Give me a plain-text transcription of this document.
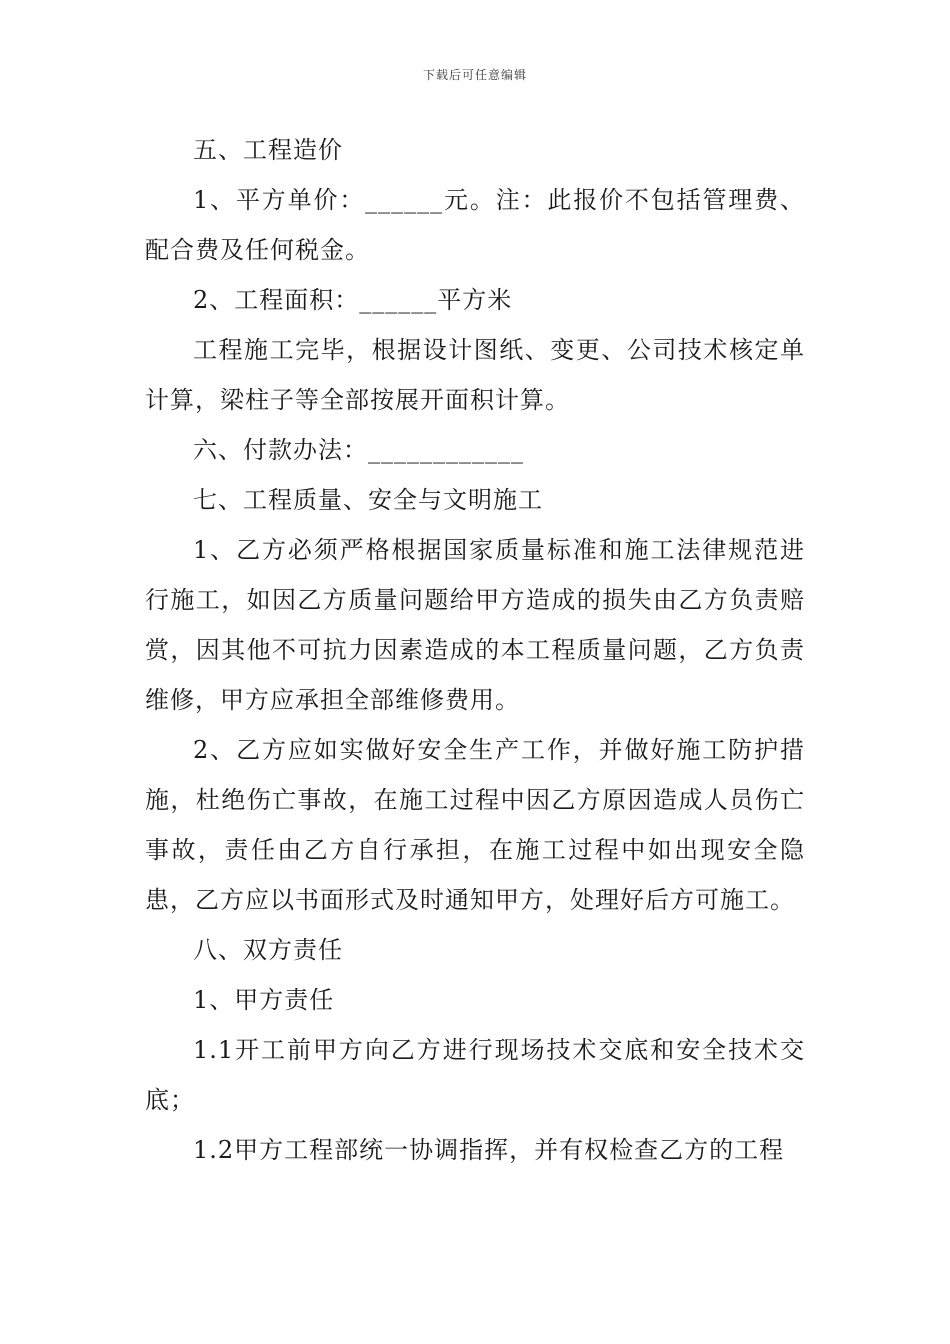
下载后可任意编辑

五、工程造价

1、平方单价：______元。注：此报价不包括管理费、配合费及任何税金。

2、工程面积：______平方米

工程施工完毕，根据设计图纸、变更、公司技术核定单计算，梁柱子等全部按展开面积计算。

六、付款办法：____________

七、工程质量、安全与文明施工

1、乙方必须严格根据国家质量标准和施工法律规范进行施工，如因乙方质量问题给甲方造成的损失由乙方负责赔赏，因其他不可抗力因素造成的本工程质量问题，乙方负责维修，甲方应承担全部维修费用。

2、乙方应如实做好安全生产工作，并做好施工防护措施，杜绝伤亡事故，在施工过程中因乙方原因造成人员伤亡事故，责任由乙方自行承担，在施工过程中如出现安全隐患，乙方应以书面形式及时通知甲方，处理好后方可施工。

八、双方责任

1、甲方责任

1.1开工前甲方向乙方进行现场技术交底和安全技术交底；

1.2甲方工程部统一协调指挥，并有权检查乙方的工程
